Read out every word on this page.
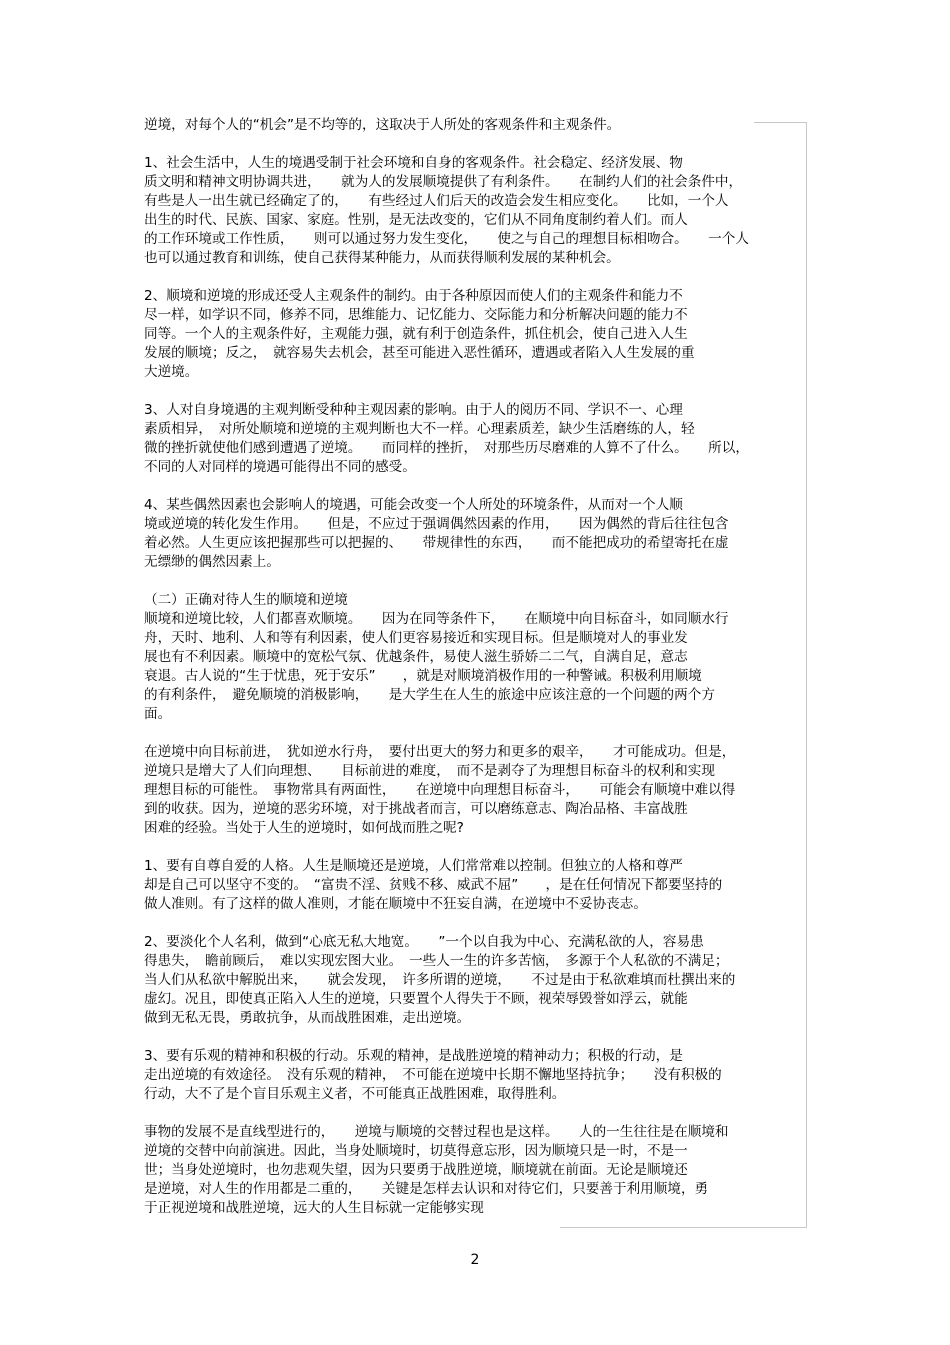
逆境，对每个人的“机会”是不均等的，这取决于人所处的客观条件和主观条件。
1、社会生活中，人生的境遇受制于社会环境和自身的客观条件。社会稳定、经济发展、物
质文明和精神文明协调共进，　　就为人的发展顺境提供了有利条件。　　在制约人们的社会条件中，
有些是人一出生就已经确定了的，　　有些经过人们后天的改造会发生相应变化。　　比如，一个人
出生的时代、民族、国家、家庭。性别，是无法改变的，它们从不同角度制约着人们。而人
的工作环境或工作性质，　　则可以通过努力发生变化，　　使之与自己的理想目标相吻合。　　一个人
也可以通过教育和训练，使自己获得某种能力，从而获得顺利发展的某种机会。
2、顺境和逆境的形成还受人主观条件的制约。由于各种原因而使人们的主观条件和能力不
尽一样，如学识不同，修养不同，思维能力、记忆能力、交际能力和分析解决问题的能力不
同等。一个人的主观条件好，主观能力强，就有利于创造条件，抓住机会，使自己进入人生
发展的顺境；反之，　就容易失去机会，甚至可能进入恶性循环，遭遇或者陷入人生发展的重
大逆境。
3、人对自身境遇的主观判断受种种主观因素的影响。由于人的阅历不同、学识不一、心理
素质相异，　对所处顺境和逆境的主观判断也大不一样。心理素质差，缺少生活磨练的人，轻
微的挫折就使他们感到遭遇了逆境。　　而同样的挫折，　对那些历尽磨难的人算不了什么。　　所以，
不同的人对同样的境遇可能得出不同的感受。
4、某些偶然因素也会影响人的境遇，可能会改变一个人所处的环境条件，从而对一个人顺
境或逆境的转化发生作用。　　但是，不应过于强调偶然因素的作用，　　因为偶然的背后往往包含
着必然。人生更应该把握那些可以把握的、　　带规律性的东西，　　而不能把成功的希望寄托在虚
无缥缈的偶然因素上。
（二）正确对待人生的顺境和逆境
顺境和逆境比较，人们都喜欢顺境。　　因为在同等条件下，　　在顺境中向目标奋斗，如同顺水行
舟，天时、地利、人和等有利因素，使人们更容易接近和实现目标。但是顺境对人的事业发
展也有不利因素。顺境中的宽松气氛、优越条件，易使人滋生骄娇二二气，自满自足，意志
衰退。古人说的“生于忧患，死于安乐”　　，就是对顺境消极作用的一种警诫。积极利用顺境
的有利条件，　避免顺境的消极影响，　　是大学生在人生的旅途中应该注意的一个问题的两个方
面。
在逆境中向目标前进，　犹如逆水行舟，　要付出更大的努力和更多的艰辛，　　才可能成功。但是，
逆境只是增大了人们向理想、　　目标前进的难度，　而不是剥夺了为理想目标奋斗的权利和实现
理想目标的可能性。　事物常具有两面性，　　在逆境中向理想目标奋斗，　　可能会有顺境中难以得
到的收获。因为，逆境的恶劣环境，对于挑战者而言，可以磨练意志、陶冶品格、丰富战胜
困难的经验。当处于人生的逆境时，如何战而胜之呢?
1、要有自尊自爱的人格。人生是顺境还是逆境，人们常常难以控制。但独立的人格和尊严
却是自己可以坚守不变的。　“富贵不淫、贫贱不移、威武不屈”　　，是在任何情况下都要坚持的
做人准则。有了这样的做人准则，才能在顺境中不狂妄自满，在逆境中不妥协丧志。
2、要淡化个人名利，做到“心底无私大地宽。　　”一个以自我为中心、充满私欲的人，容易患
得患失，　瞻前顾后，　难以实现宏图大业。　一些人一生的许多苦恼，　多源于个人私欲的不满足；
当人们从私欲中解脱出来，　　就会发现，　许多所谓的逆境，　　不过是由于私欲难填而杜撰出来的
虚幻。况且，即使真正陷入人生的逆境，只要置个人得失于不顾，视荣辱毁誉如浮云，就能
做到无私无畏，勇敢抗争，从而战胜困难，走出逆境。
3、要有乐观的精神和积极的行动。乐观的精神，是战胜逆境的精神动力；积极的行动，是
走出逆境的有效途径。　没有乐观的精神，　不可能在逆境中长期不懈地坚持抗争；　　没有积极的
行动，大不了是个盲目乐观主义者，不可能真正战胜困难，取得胜利。
事物的发展不是直线型进行的，　　逆境与顺境的交替过程也是这样。　　人的一生往往是在顺境和
逆境的交替中向前演进。因此，当身处顺境时，切莫得意忘形，因为顺境只是一时，不是一
世；当身处逆境时，也勿悲观失望，因为只要勇于战胜逆境，顺境就在前面。无论是顺境还
是逆境，对人生的作用都是二重的，　　关键是怎样去认识和对待它们，只要善于利用顺境，勇
于正视逆境和战胜逆境，远大的人生目标就一定能够实现
2
